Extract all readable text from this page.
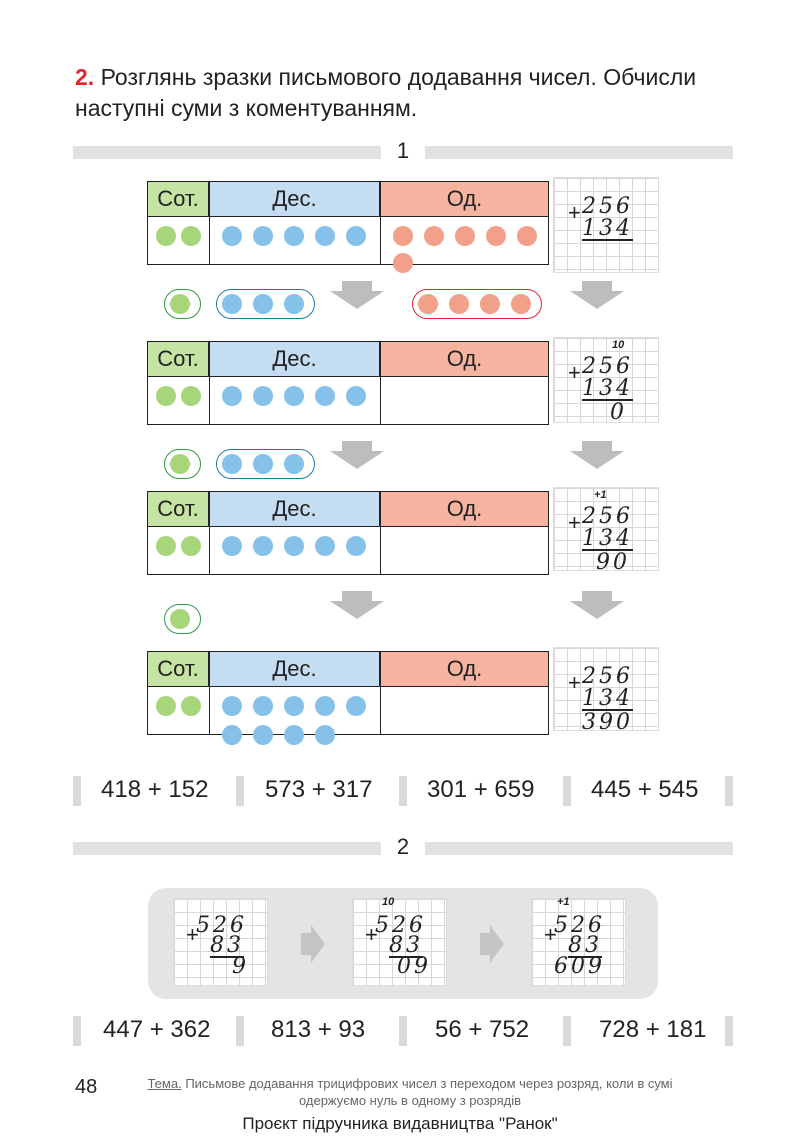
2. Розглянь зразки письмового додавання чисел. Обчисли наступні суми з коментуванням.
1
Сот.	Дес.	Од.
+ 256
134
Сот.	Дес.	Од.
+ 256
134
0
10
Сот.	Дес.	Од.
+ 256
134
90
+1
Сот.	Дес.	Од.
+ 256
134
390
418 + 152 573 + 317 301 + 659 445 + 545
2
+
526
83
9
+
526
83
09
10
+
526
83
609
+1
447 + 362	813 + 93	56 + 752	728 + 181
48	Тема. Письмове додавання трицифрових чисел з переходом через розряд, коли в сумі одержуємо нуль в одному з розрядів
Проєкт підручника видавництва "Ранок"
